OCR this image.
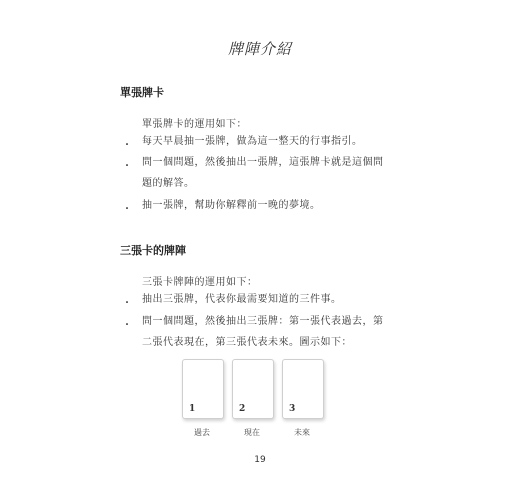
牌陣介紹
單張牌卡
單張牌卡的運用如下：
・ 每天早晨抽一張牌，做為這一整天的行事指引。
・ 問一個問題，然後抽出一張牌，這張牌卡就是這個問題的解答。
・ 抽一張牌，幫助你解釋前一晚的夢境。
三張卡的牌陣
三張卡牌陣的運用如下：
・ 抽出三張牌，代表你最需要知道的三件事。
・ 問一個問題，然後抽出三張牌：第一張代表過去，第二張代表現在，第三張代表未來。圖示如下：
1	2	3
過去	現在	未來
19
